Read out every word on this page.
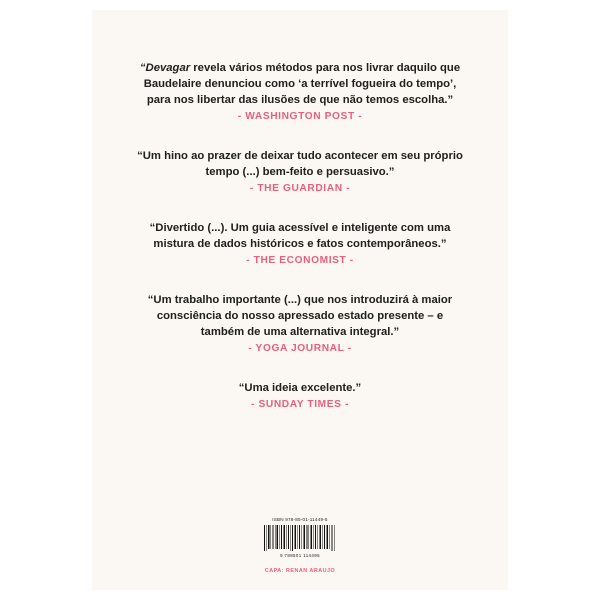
“Devagar revela vários métodos para nos livrar daquilo que Baudelaire denunciou como ‘a terrível fogueira do tempo’, para nos libertar das ilusões de que não temos escolha.”

- WASHINGTON POST -

“Um hino ao prazer de deixar tudo acontecer em seu próprio tempo (...) bem-feito e persuasivo.”

- THE GUARDIAN -

“Divertido (...). Um guia acessível e inteligente com uma mistura de dados históricos e fatos contemporâneos.”

- THE ECONOMIST -

“Um trabalho importante (...) que nos introduzirá à maior consciência do nosso apressado estado presente – e também de uma alternativa integral.”

- YOGA JOURNAL -

“Uma ideia excelente.”

- SUNDAY TIMES -

ISBN 978-85-01-11449-5
9 788501 114495
CAPA: RENAN ARAUJO
